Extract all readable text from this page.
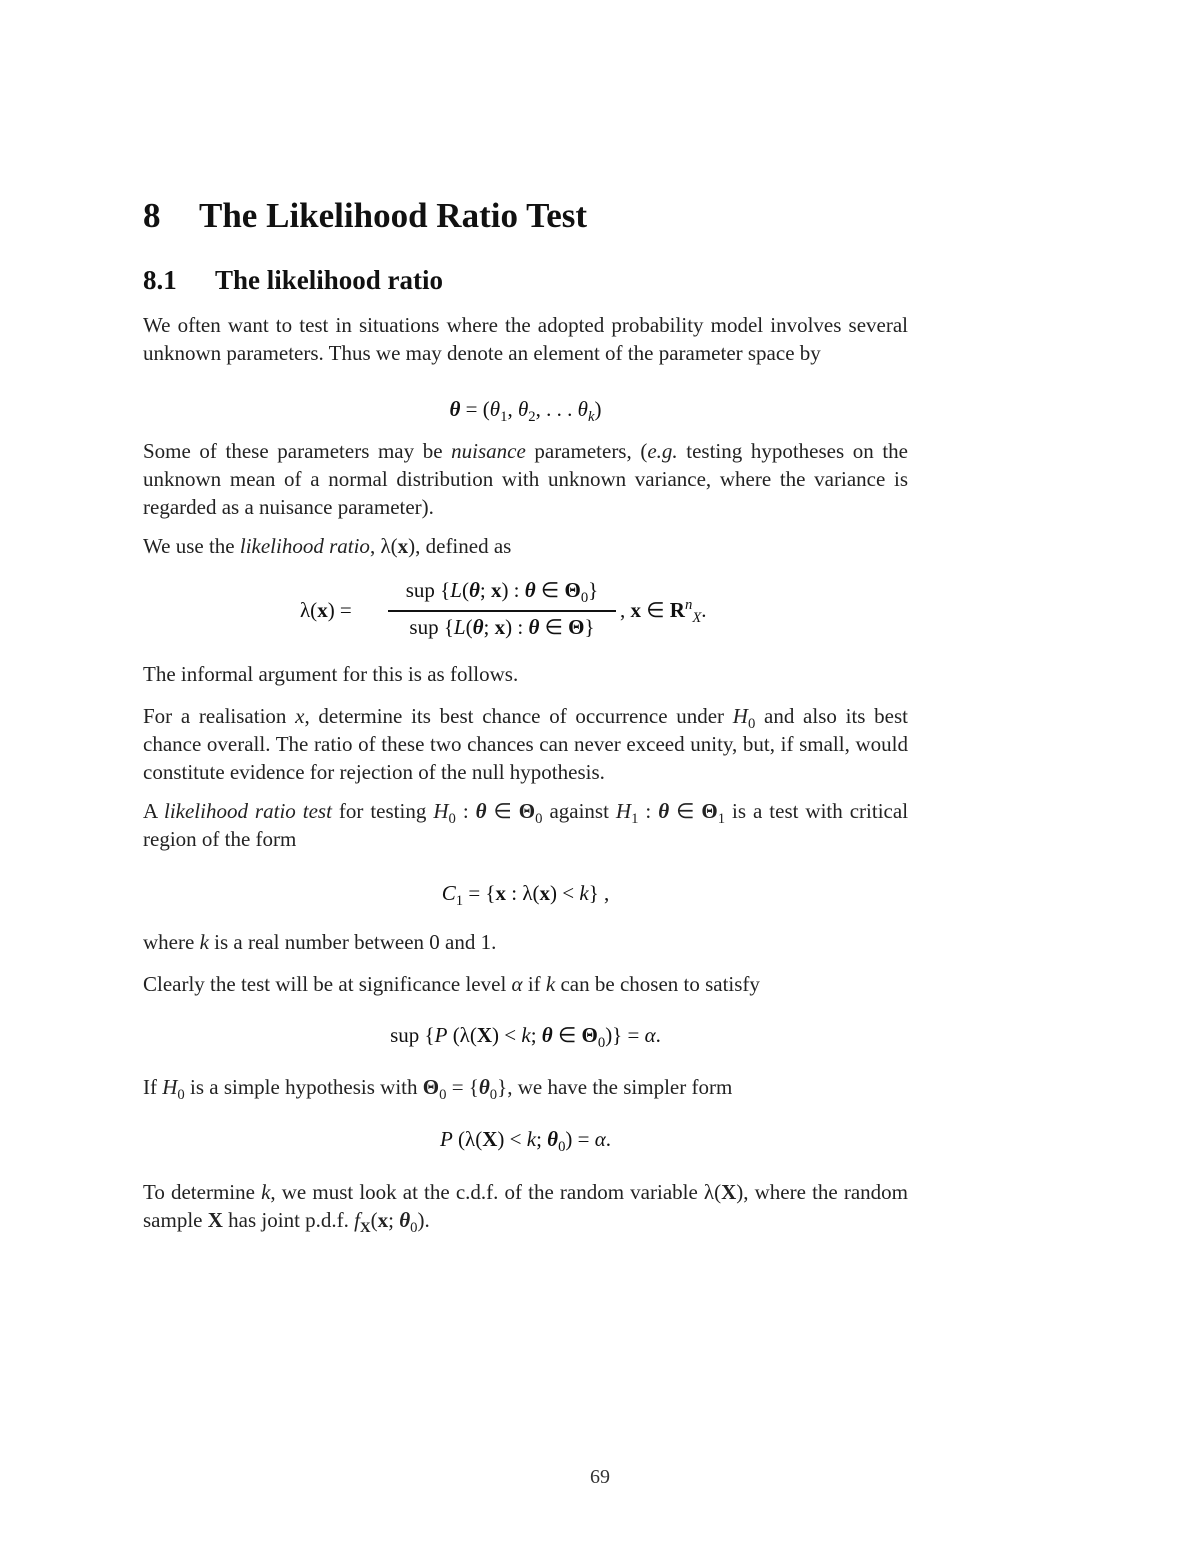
8 The Likelihood Ratio Test
8.1 The likelihood ratio

We often want to test in situations where the adopted probability model involves several unknown parameters. Thus we may denote an element of the parameter space by

$\theta = (\theta_1$, $\theta_2$, . . . $\theta_k$)

Some of these parameters may be nuisance parameters, (e.g. testing hypotheses on the unknown mean of a normal distribution with unknown variance, where the variance is regarded as a nuisance parameter).

We use the likelihood ratio, λ(x), defined as

λ(x) =
sup {L(θ; x) : θ ∈ $\Theta_0$}
sup {L(θ; x) : θ ∈ Θ}
, x ∈ $R^n_X$.

The informal argument for this is as follows.

For a realisation x, determine its best chance of occurrence under $H_0$ and also its best chance overall. The ratio of these two chances can never exceed unity, but, if small, would constitute evidence for rejection of the null hypothesis.

A likelihood ratio test for testing $H_0$ : θ ∈ $\Theta_0$ against $H_1$ : θ ∈ $\Theta_1$ is a test with critical region of the form

$C_1 = \{x$ : λ(x) < k} ,

where k is a real number between 0 and 1.

Clearly the test will be at significance level α if k can be chosen to satisfy

sup {P (λ(X) < k; θ ∈ $\Theta_0)\} = \alpha$.

If $H_0$ is a simple hypothesis with $\Theta_0 = \{\theta_0\}$, we have the simpler form

P (λ(X) < k; $\theta_0) = \alpha$.

To determine k, we must look at the c.d.f. of the random variable λ(X), where the random sample X has joint p.d.f. $f_X(x$; $\theta_0$).

69
